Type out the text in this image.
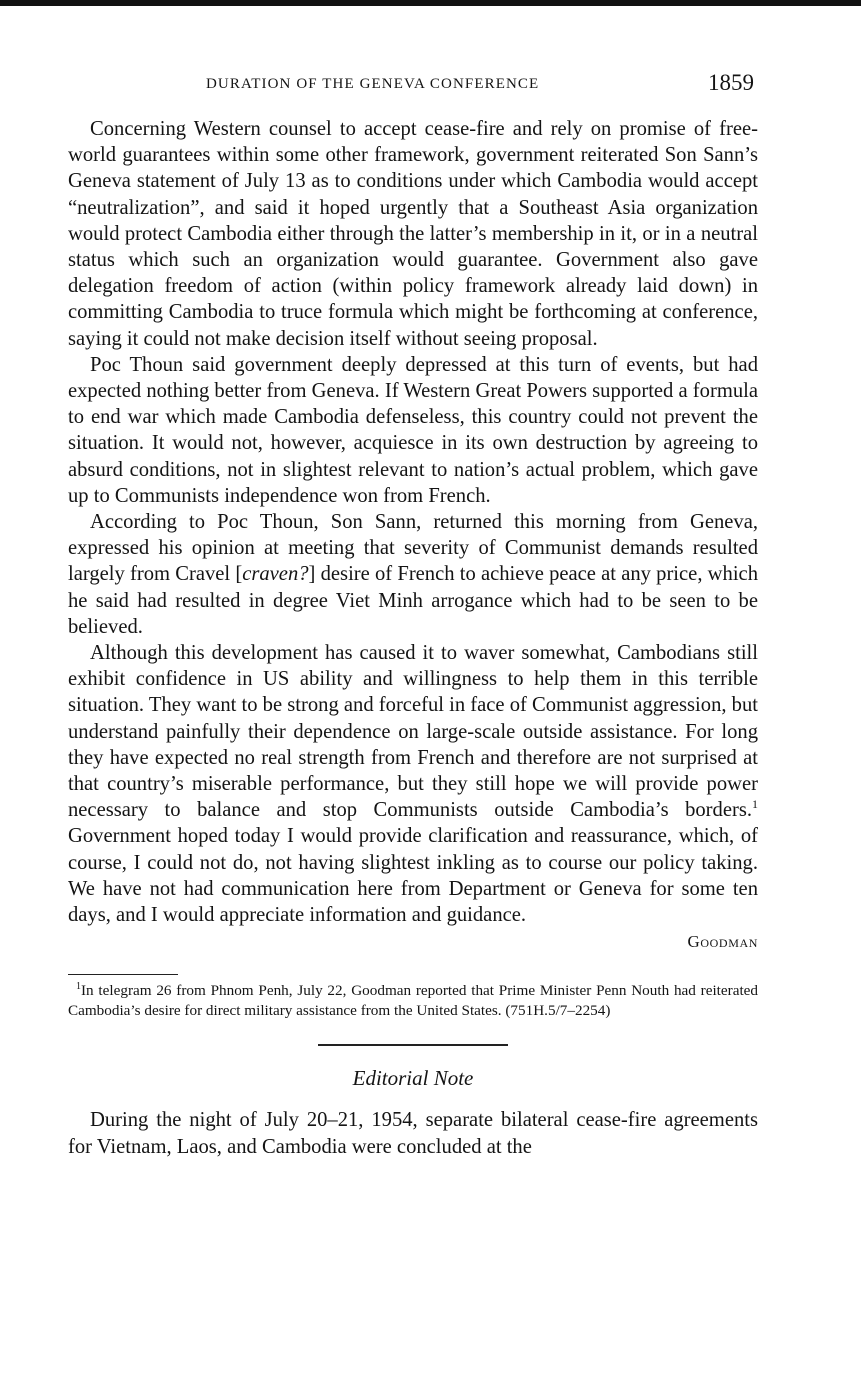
DURATION OF THE GENEVA CONFERENCE	1859

Concerning Western counsel to accept cease-fire and rely on promise of free-world guarantees within some other framework, government reiterated Son Sann’s Geneva statement of July 13 as to conditions under which Cambodia would accept “neutralization”, and said it hoped urgently that a Southeast Asia organization would protect Cambodia either through the latter’s membership in it, or in a neutral status which such an organization would guarantee. Government also gave delegation freedom of action (within policy framework already laid down) in committing Cambodia to truce formula which might be forthcoming at conference, saying it could not make decision itself without seeing proposal.

Poc Thoun said government deeply depressed at this turn of events, but had expected nothing better from Geneva. If Western Great Powers supported a formula to end war which made Cambodia defenseless, this country could not prevent the situation. It would not, however, acquiesce in its own destruction by agreeing to absurd conditions, not in slightest relevant to nation’s actual problem, which gave up to Communists independence won from French.

According to Poc Thoun, Son Sann, returned this morning from Geneva, expressed his opinion at meeting that severity of Communist demands resulted largely from Cravel [craven?] desire of French to achieve peace at any price, which he said had resulted in degree Viet Minh arrogance which had to be seen to be believed.

Although this development has caused it to waver somewhat, Cambodians still exhibit confidence in US ability and willingness to help them in this terrible situation. They want to be strong and forceful in face of Communist aggression, but understand painfully their dependence on large-scale outside assistance. For long they have expected no real strength from French and therefore are not surprised at that country’s miserable performance, but they still hope we will provide power necessary to balance and stop Communists outside Cambodia’s borders.$^1$ Government hoped today I would provide clarification and reassurance, which, of course, I could not do, not having slightest inkling as to course our policy taking. We have not had communication here from Department or Geneva for some ten days, and I would appreciate information and guidance.

Goodman
$^1$In telegram 26 from Phnom Penh, July 22, Goodman reported that Prime Minister Penn Nouth had reiterated Cambodia’s desire for direct military assistance from the United States. (751H.5/7–2254)
Editorial Note

During the night of July 20–21, 1954, separate bilateral cease-fire agreements for Vietnam, Laos, and Cambodia were concluded at the
